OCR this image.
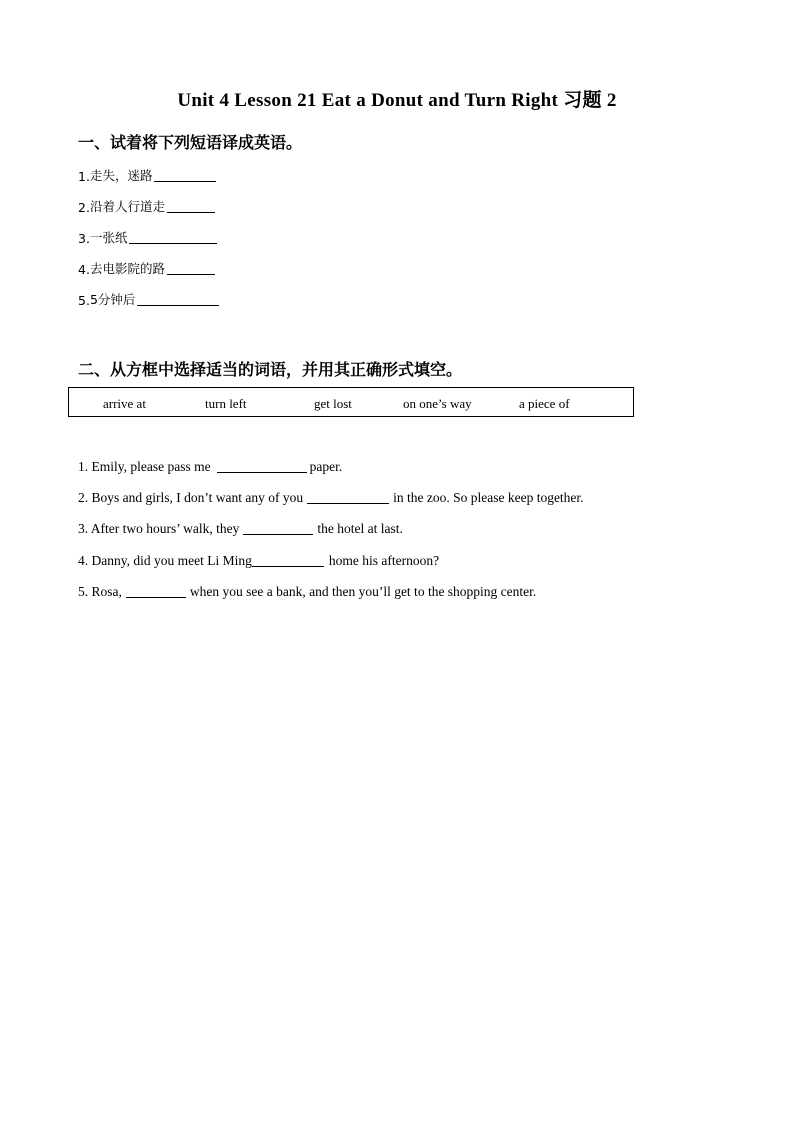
Unit 4 Lesson 21 Eat a Donut and Turn Right 习题 2
一、试着将下列短语译成英语。
1. 走失，迷路
2. 沿着人行道走
3. 一张纸
4. 去电影院的路
5. 5分钟后
二、从方框中选择适当的词语，并用其正确形式填空。
arrive at	turn left	get lost	on one’s way	a piece of
1. Emily, please pass me	paper.
2. Boys and girls, I don’t want any of you	in the zoo. So please keep together.
3. After two hours’ walk, they	the hotel at last.
4. Danny, did you meet Li Ming	home his afternoon?
5. Rosa,	when you see a bank, and then you’ll get to the shopping center.
